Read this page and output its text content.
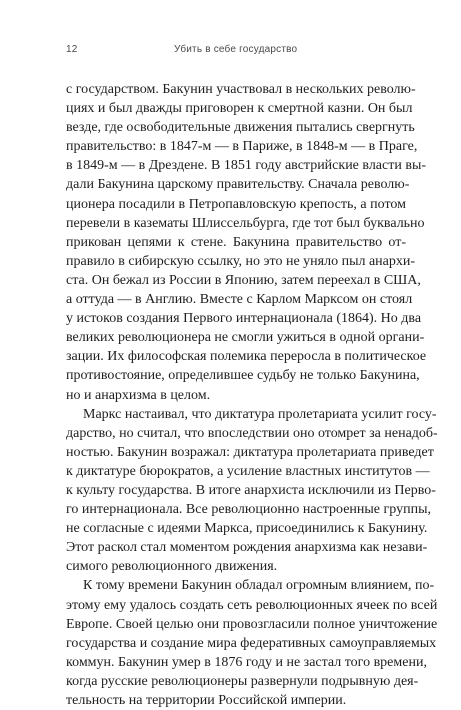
12	Убить в себе государство
с государством. Бакунин участвовал в нескольких револю-
циях и был дважды приговорен к смертной казни. Он был
везде, где освободительные движения пытались свергнуть
правительство: в 1847-м — в Париже, в 1848-м — в Праге,
в 1849-м — в Дрездене. В 1851 году австрийские власти вы-
дали Бакунина царскому правительству. Сначала револю-
ционера посадили в Петропавловскую крепость, а потом
перевели в казематы Шлиссельбурга, где тот был буквально
прикован цепями к стене. Бакунина правительство от-
правило в сибирскую ссылку, но это не уняло пыл анархи-
ста. Он бежал из России в Японию, затем переехал в США,
а оттуда — в Англию. Вместе с Карлом Марксом он стоял
у истоков создания Первого интернационала (1864). Но два
великих революционера не смогли ужиться в одной органи-
зации. Их философская полемика переросла в политическое
противостояние, определившее судьбу не только Бакунина,
но и анархизма в целом.
Маркс настаивал, что диктатура пролетариата усилит госу-
дарство, но считал, что впоследствии оно отомрет за ненадоб-
ностью. Бакунин возражал: диктатура пролетариата приведет
к диктатуре бюрократов, а усиление властных институтов —
к культу государства. В итоге анархиста исключили из Перво-
го интернационала. Все революционно настроенные группы,
не согласные с идеями Маркса, присоединились к Бакунину.
Этот раскол стал моментом рождения анархизма как незави-
симого революционного движения.
К тому времени Бакунин обладал огромным влиянием, по-
этому ему удалось создать сеть революционных ячеек по всей
Европе. Своей целью они провозгласили полное уничтожение
государства и создание мира федеративных самоуправляемых
коммун. Бакунин умер в 1876 году и не застал того времени,
когда русские революционеры развернули подрывную дея-
тельность на территории Российской империи.
